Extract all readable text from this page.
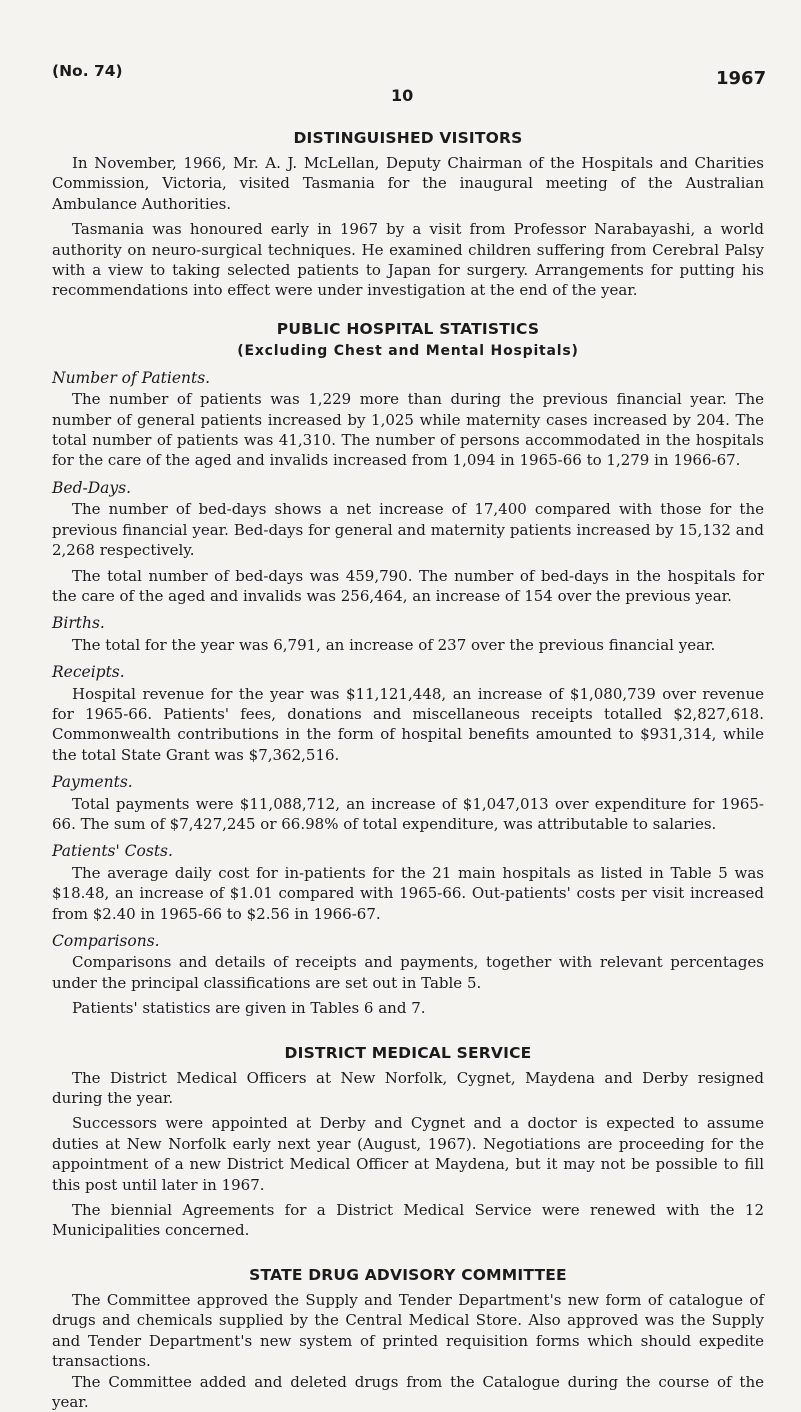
(No. 74)	1967
10
DISTINGUISHED VISITORS

In November, 1966, Mr. A. J. McLellan, Deputy Chairman of the Hospitals and Charities Commission, Victoria, visited Tasmania for the inaugural meeting of the Australian Ambulance Authorities.

Tasmania was honoured early in 1967 by a visit from Professor Narabayashi, a world authority on neuro-surgical techniques. He examined children suffering from Cerebral Palsy with a view to taking selected patients to Japan for surgery. Arrangements for putting his recommendations into effect were under investigation at the end of the year.

PUBLIC HOSPITAL STATISTICS
(Excluding Chest and Mental Hospitals)
Number of Patients.

The number of patients was 1,229 more than during the previous financial year. The number of general patients increased by 1,025 while maternity cases increased by 204. The total number of patients was 41,310. The number of persons accommodated in the hospitals for the care of the aged and invalids increased from 1,094 in 1965-66 to 1,279 in 1966-67.

Bed-Days.

The number of bed-days shows a net increase of 17,400 compared with those for the previous financial year. Bed-days for general and maternity patients increased by 15,132 and 2,268 respectively.

The total number of bed-days was 459,790. The number of bed-days in the hospitals for the care of the aged and invalids was 256,464, an increase of 154 over the previous year.

Births.

The total for the year was 6,791, an increase of 237 over the previous financial year.

Receipts.

Hospital revenue for the year was $11,121,448, an increase of $1,080,739 over revenue for 1965-66. Patients' fees, donations and miscellaneous receipts totalled $2,827,618. Commonwealth contributions in the form of hospital benefits amounted to $931,314, while the total State Grant was $7,362,516.

Payments.

Total payments were $11,088,712, an increase of $1,047,013 over expenditure for 1965-66. The sum of $7,427,245 or 66.98% of total expenditure, was attributable to salaries.

Patients' Costs.

The average daily cost for in-patients for the 21 main hospitals as listed in Table 5 was $18.48, an increase of $1.01 compared with 1965-66. Out-patients' costs per visit increased from $2.40 in 1965-66 to $2.56 in 1966-67.

Comparisons.

Comparisons and details of receipts and payments, together with relevant percentages under the principal classifications are set out in Table 5.

Patients' statistics are given in Tables 6 and 7.

DISTRICT MEDICAL SERVICE

The District Medical Officers at New Norfolk, Cygnet, Maydena and Derby resigned during the year.

Successors were appointed at Derby and Cygnet and a doctor is expected to assume duties at New Norfolk early next year (August, 1967). Negotiations are proceeding for the appointment of a new District Medical Officer at Maydena, but it may not be possible to fill this post until later in 1967.

The biennial Agreements for a District Medical Service were renewed with the 12 Municipalities concerned.

STATE DRUG ADVISORY COMMITTEE

The Committee approved the Supply and Tender Department's new form of catalogue of drugs and chemicals supplied by the Central Medical Store. Also approved was the Supply and Tender Department's new system of printed requisition forms which should expedite transactions.

The Committee added and deleted drugs from the Catalogue during the course of the year.
